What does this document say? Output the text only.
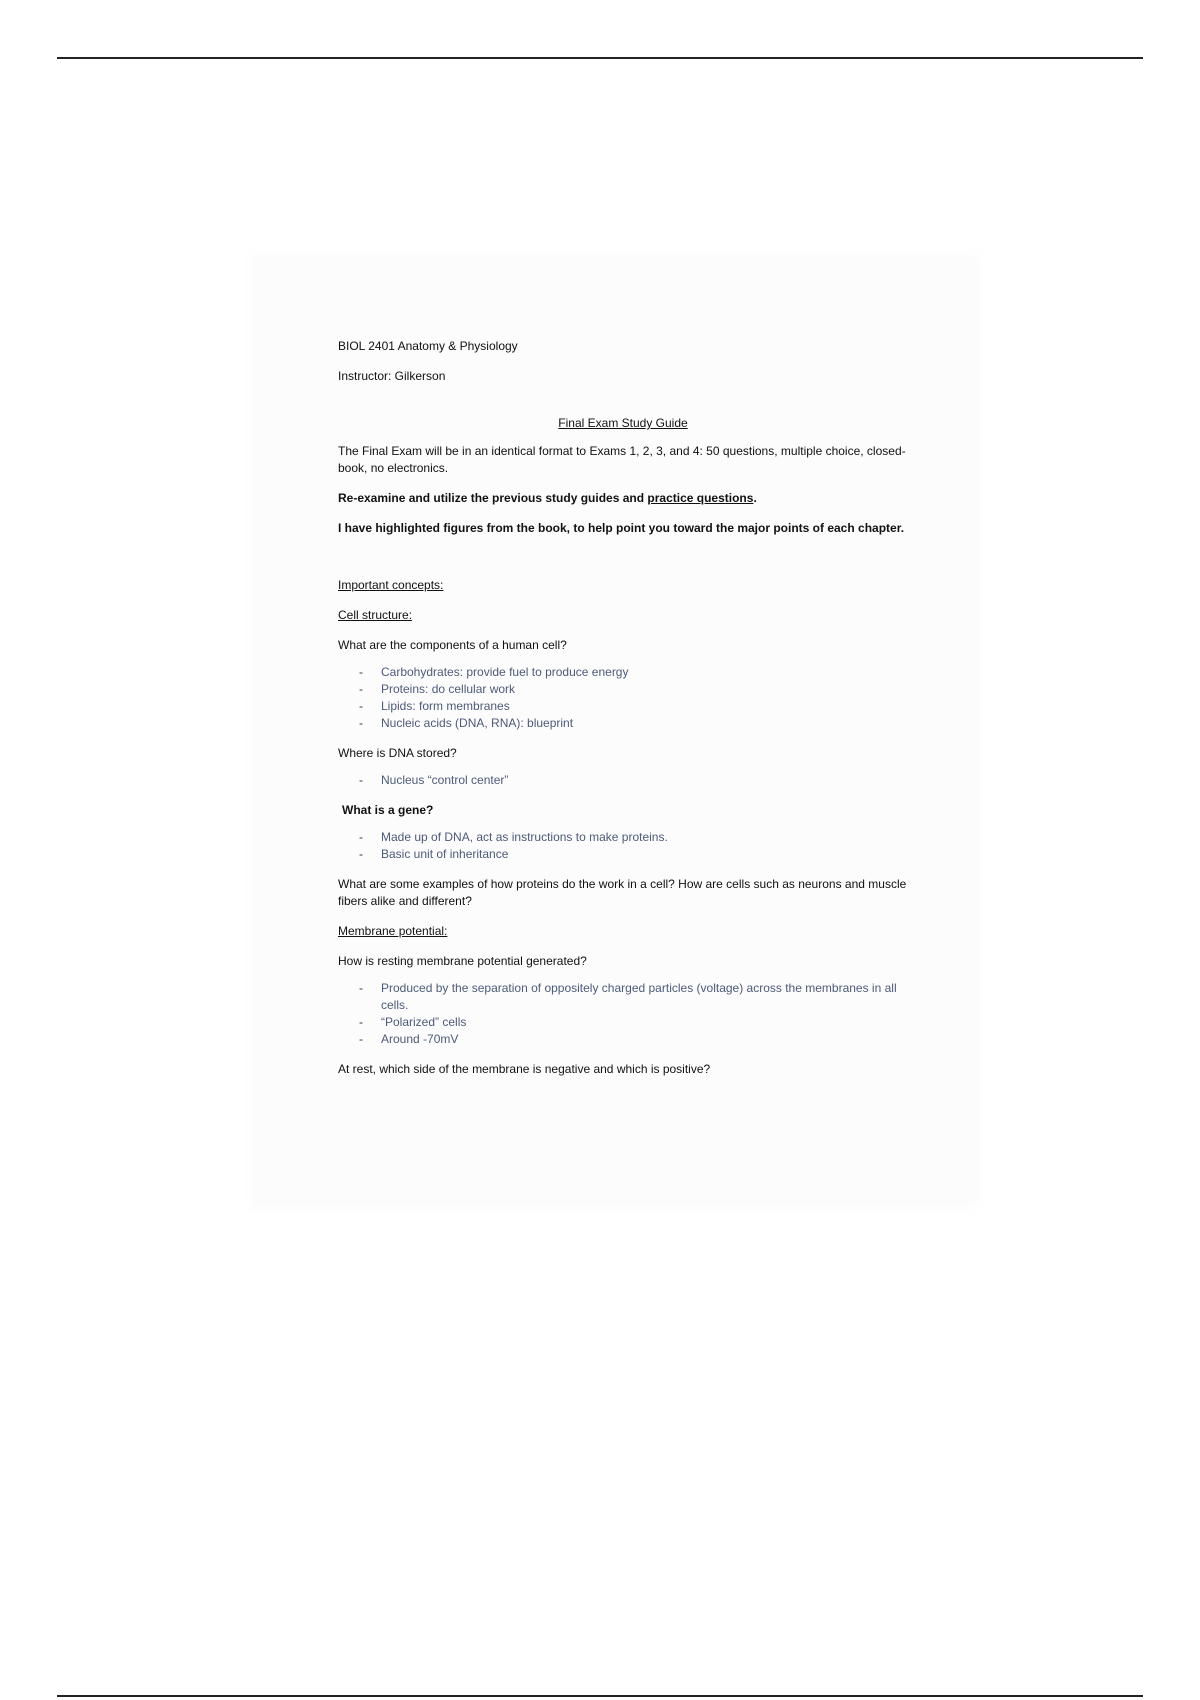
BIOL 2401 Anatomy & Physiology

Instructor: Gilkerson

Final Exam Study Guide

The Final Exam will be in an identical format to Exams 1, 2, 3, and 4: 50 questions, multiple choice, closed-book, no electronics.

Re-examine and utilize the previous study guides and practice questions.

I have highlighted figures from the book, to help point you toward the major points of each chapter.

Important concepts:

Cell structure:

What are the components of a human cell?

- Carbohydrates: provide fuel to produce energy
- Proteins: do cellular work
- Lipids: form membranes
- Nucleic acids (DNA, RNA): blueprint

Where is DNA stored?

- Nucleus “control center”

What is a gene?

- Made up of DNA, act as instructions to make proteins.
- Basic unit of inheritance

What are some examples of how proteins do the work in a cell? How are cells such as neurons and muscle fibers alike and different?

Membrane potential:

How is resting membrane potential generated?

- Produced by the separation of oppositely charged particles (voltage) across the membranes in all cells.
- “Polarized” cells
- Around -70mV

At rest, which side of the membrane is negative and which is positive?
